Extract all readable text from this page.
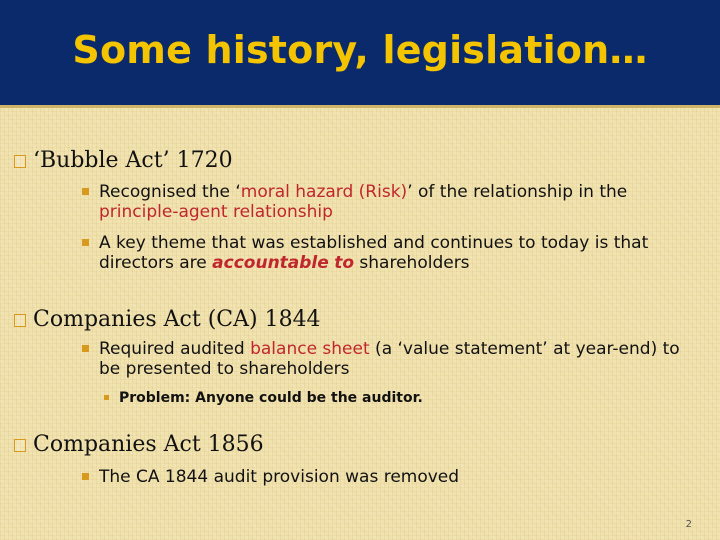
Some history, legislation…
‘Bubble Act’ 1720
Recognised the ‘moral hazard (Risk)’ of the relationship in the principle-agent relationship
A key theme that was established and continues to today is that directors are accountable to shareholders
Companies Act (CA) 1844
Required audited balance sheet (a ‘value statement’ at year-end) to be presented to shareholders
Problem: Anyone could be the auditor.
Companies Act 1856
The CA 1844 audit provision was removed
2
